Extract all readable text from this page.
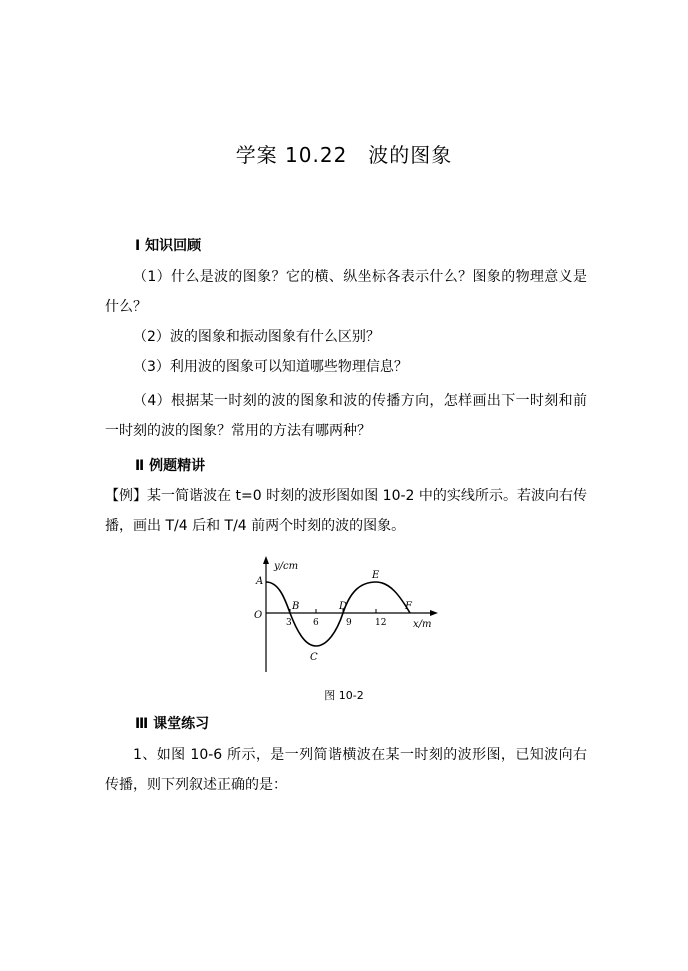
学案 10.22　波的图象
Ⅰ 知识回顾
（1）什么是波的图象？它的横、纵坐标各表示什么？图象的物理意义是什么？
（2）波的图象和振动图象有什么区别？
（3）利用波的图象可以知道哪些物理信息？
（4）根据某一时刻的波的图象和波的传播方向，怎样画出下一时刻和前一时刻的波的图象？常用的方法有哪两种？
Ⅱ 例题精讲
【例】某一简谐波在 t=0 时刻的波形图如图 10-2 中的实线所示。若波向右传播，画出 T/4 后和 T/4 前两个时刻的波的图象。
y/cm
x/m
O
A
B
C
D
E
F
3 6	9	12
图 10-2
Ⅲ 课堂练习
1、如图 10-6 所示，是一列简谐横波在某一时刻的波形图，已知波向右传播，则下列叙述正确的是：
